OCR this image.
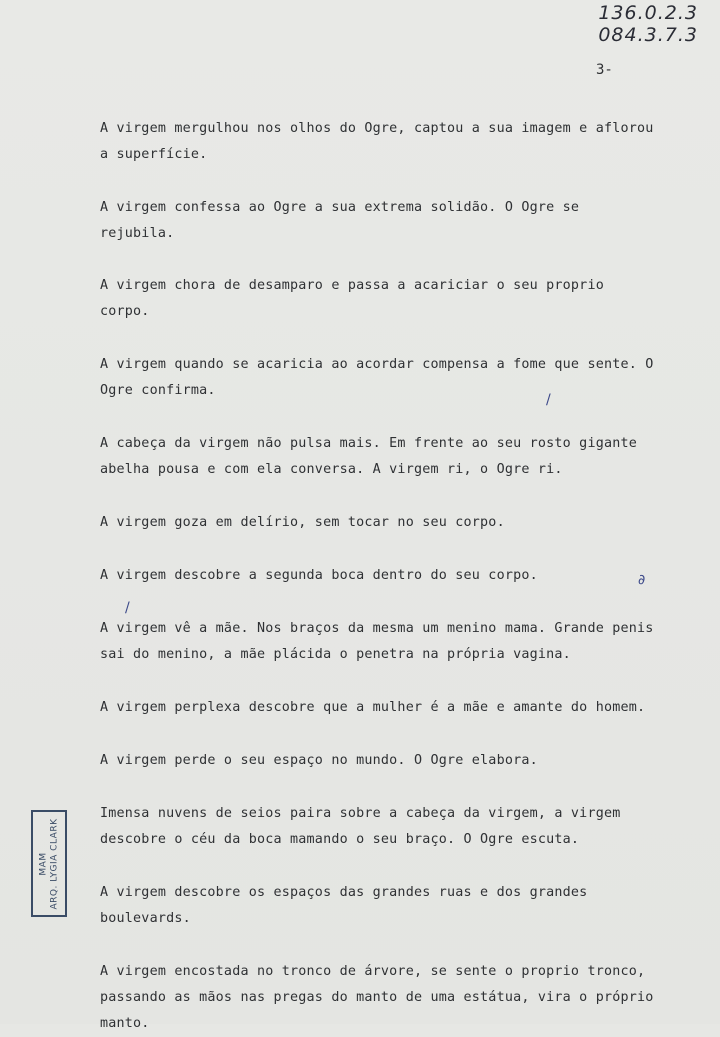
136.0.2.3
084.3.7.3
3-

A virgem mergulhou nos olhos do Ogre, captou a sua imagem e aflorou a superfície.

A virgem confessa ao Ogre a sua extrema solidão. O Ogre se rejubila.

A virgem chora de desamparo e passa a acariciar o seu proprio corpo.

A virgem quando se acaricia ao acordar compensa a fome que sente. O Ogre confirma.

A cabeça da virgem não pulsa mais. Em frente ao seu rosto gigante abelha pousa e com ela conversa. A virgem ri, o Ogre ri.

A virgem goza em delírio, sem tocar no seu corpo.

A virgem descobre a segunda boca dentro do seu corpo.

A virgem vê a mãe. Nos braços da mesma um menino mama. Grande penis sai do menino, a mãe plácida o penetra na própria vagina.

A virgem perplexa descobre que a mulher é a mãe e amante do homem.

A virgem perde o seu espaço no mundo. O Ogre elabora.

Imensa nuvens de seios paira sobre a cabeça da virgem, a virgem descobre o céu da boca mamando o seu braço. O Ogre escuta.

A virgem descobre os espaços das grandes ruas e dos grandes boulevards.

A virgem encostada no tronco de árvore, se sente o proprio tronco, passando as mãos nas pregas do manto de uma estátua, vira o próprio manto.

MAM ARQ. LYGIA CLARK
/
∂
/
